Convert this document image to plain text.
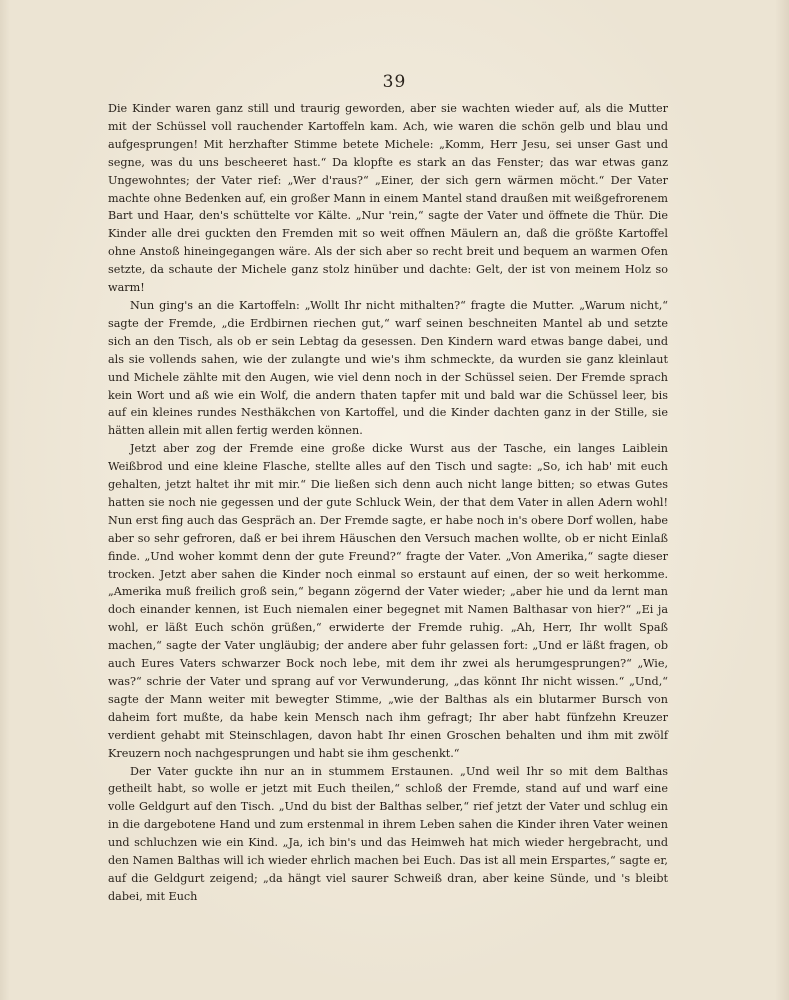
39

Die Kinder waren ganz still und traurig geworden, aber sie wachten wieder auf, als die Mutter mit der Schüssel voll rauchender Kartoffeln kam. Ach, wie waren die schön gelb und blau und aufgesprungen! Mit herzhafter Stimme betete Michele: „Komm, Herr Jesu, sei unser Gast und segne, was du uns bescheeret hast.“ Da klopfte es stark an das Fenster; das war etwas ganz Ungewohntes; der Vater rief: „Wer d'raus?“ „Einer, der sich gern wärmen möcht.“ Der Vater machte ohne Bedenken auf, ein großer Mann in einem Mantel stand draußen mit weißgefrorenem Bart und Haar, den's schüttelte vor Kälte. „Nur 'rein,“ sagte der Vater und öffnete die Thür. Die Kinder alle drei guckten den Fremden mit so weit offnen Mäulern an, daß die größte Kartoffel ohne Anstoß hineingegangen wäre. Als der sich aber so recht breit und bequem an warmen Ofen setzte, da schaute der Michele ganz stolz hinüber und dachte: Gelt, der ist von meinem Holz so warm!

Nun ging's an die Kartoffeln: „Wollt Ihr nicht mithalten?“ fragte die Mutter. „Warum nicht,“ sagte der Fremde, „die Erdbirnen riechen gut,“ warf seinen beschneiten Mantel ab und setzte sich an den Tisch, als ob er sein Lebtag da gesessen. Den Kindern ward etwas bange dabei, und als sie vollends sahen, wie der zulangte und wie's ihm schmeckte, da wurden sie ganz kleinlaut und Michele zählte mit den Augen, wie viel denn noch in der Schüssel seien. Der Fremde sprach kein Wort und aß wie ein Wolf, die andern thaten tapfer mit und bald war die Schüssel leer, bis auf ein kleines rundes Nesthäkchen von Kartoffel, und die Kinder dachten ganz in der Stille, sie hätten allein mit allen fertig werden können.

Jetzt aber zog der Fremde eine große dicke Wurst aus der Tasche, ein langes Laiblein Weißbrod und eine kleine Flasche, stellte alles auf den Tisch und sagte: „So, ich hab' mit euch gehalten, jetzt haltet ihr mit mir.“ Die ließen sich denn auch nicht lange bitten; so etwas Gutes hatten sie noch nie gegessen und der gute Schluck Wein, der that dem Vater in allen Adern wohl! Nun erst fing auch das Gespräch an. Der Fremde sagte, er habe noch in's obere Dorf wollen, habe aber so sehr gefroren, daß er bei ihrem Häuschen den Versuch machen wollte, ob er nicht Einlaß finde. „Und woher kommt denn der gute Freund?“ fragte der Vater. „Von Amerika,“ sagte dieser trocken. Jetzt aber sahen die Kinder noch einmal so erstaunt auf einen, der so weit herkomme. „Amerika muß freilich groß sein,“ begann zögernd der Vater wieder; „aber hie und da lernt man doch einander kennen, ist Euch niemalen einer begegnet mit Namen Balthasar von hier?“ „Ei ja wohl, er läßt Euch schön grüßen,“ erwiderte der Fremde ruhig. „Ah, Herr, Ihr wollt Spaß machen,“ sagte der Vater ungläubig; der andere aber fuhr gelassen fort: „Und er läßt fragen, ob auch Eures Vaters schwarzer Bock noch lebe, mit dem ihr zwei als herumgesprungen?“ „Wie, was?“ schrie der Vater und sprang auf vor Verwunderung, „das könnt Ihr nicht wissen.“ „Und,“ sagte der Mann weiter mit bewegter Stimme, „wie der Balthas als ein blutarmer Bursch von daheim fort mußte, da habe kein Mensch nach ihm gefragt; Ihr aber habt fünfzehn Kreuzer verdient gehabt mit Steinschlagen, davon habt Ihr einen Groschen behalten und ihm mit zwölf Kreuzern noch nachgesprungen und habt sie ihm geschenkt.“

Der Vater guckte ihn nur an in stummem Erstaunen. „Und weil Ihr so mit dem Balthas getheilt habt, so wolle er jetzt mit Euch theilen,“ schloß der Fremde, stand auf und warf eine volle Geldgurt auf den Tisch. „Und du bist der Balthas selber,“ rief jetzt der Vater und schlug ein in die dargebotene Hand und zum erstenmal in ihrem Leben sahen die Kinder ihren Vater weinen und schluchzen wie ein Kind. „Ja, ich bin's und das Heimweh hat mich wieder hergebracht, und den Namen Balthas will ich wieder ehrlich machen bei Euch. Das ist all mein Erspartes,“ sagte er, auf die Geldgurt zeigend; „da hängt viel saurer Schweiß dran, aber keine Sünde, und 's bleibt dabei, mit Euch
